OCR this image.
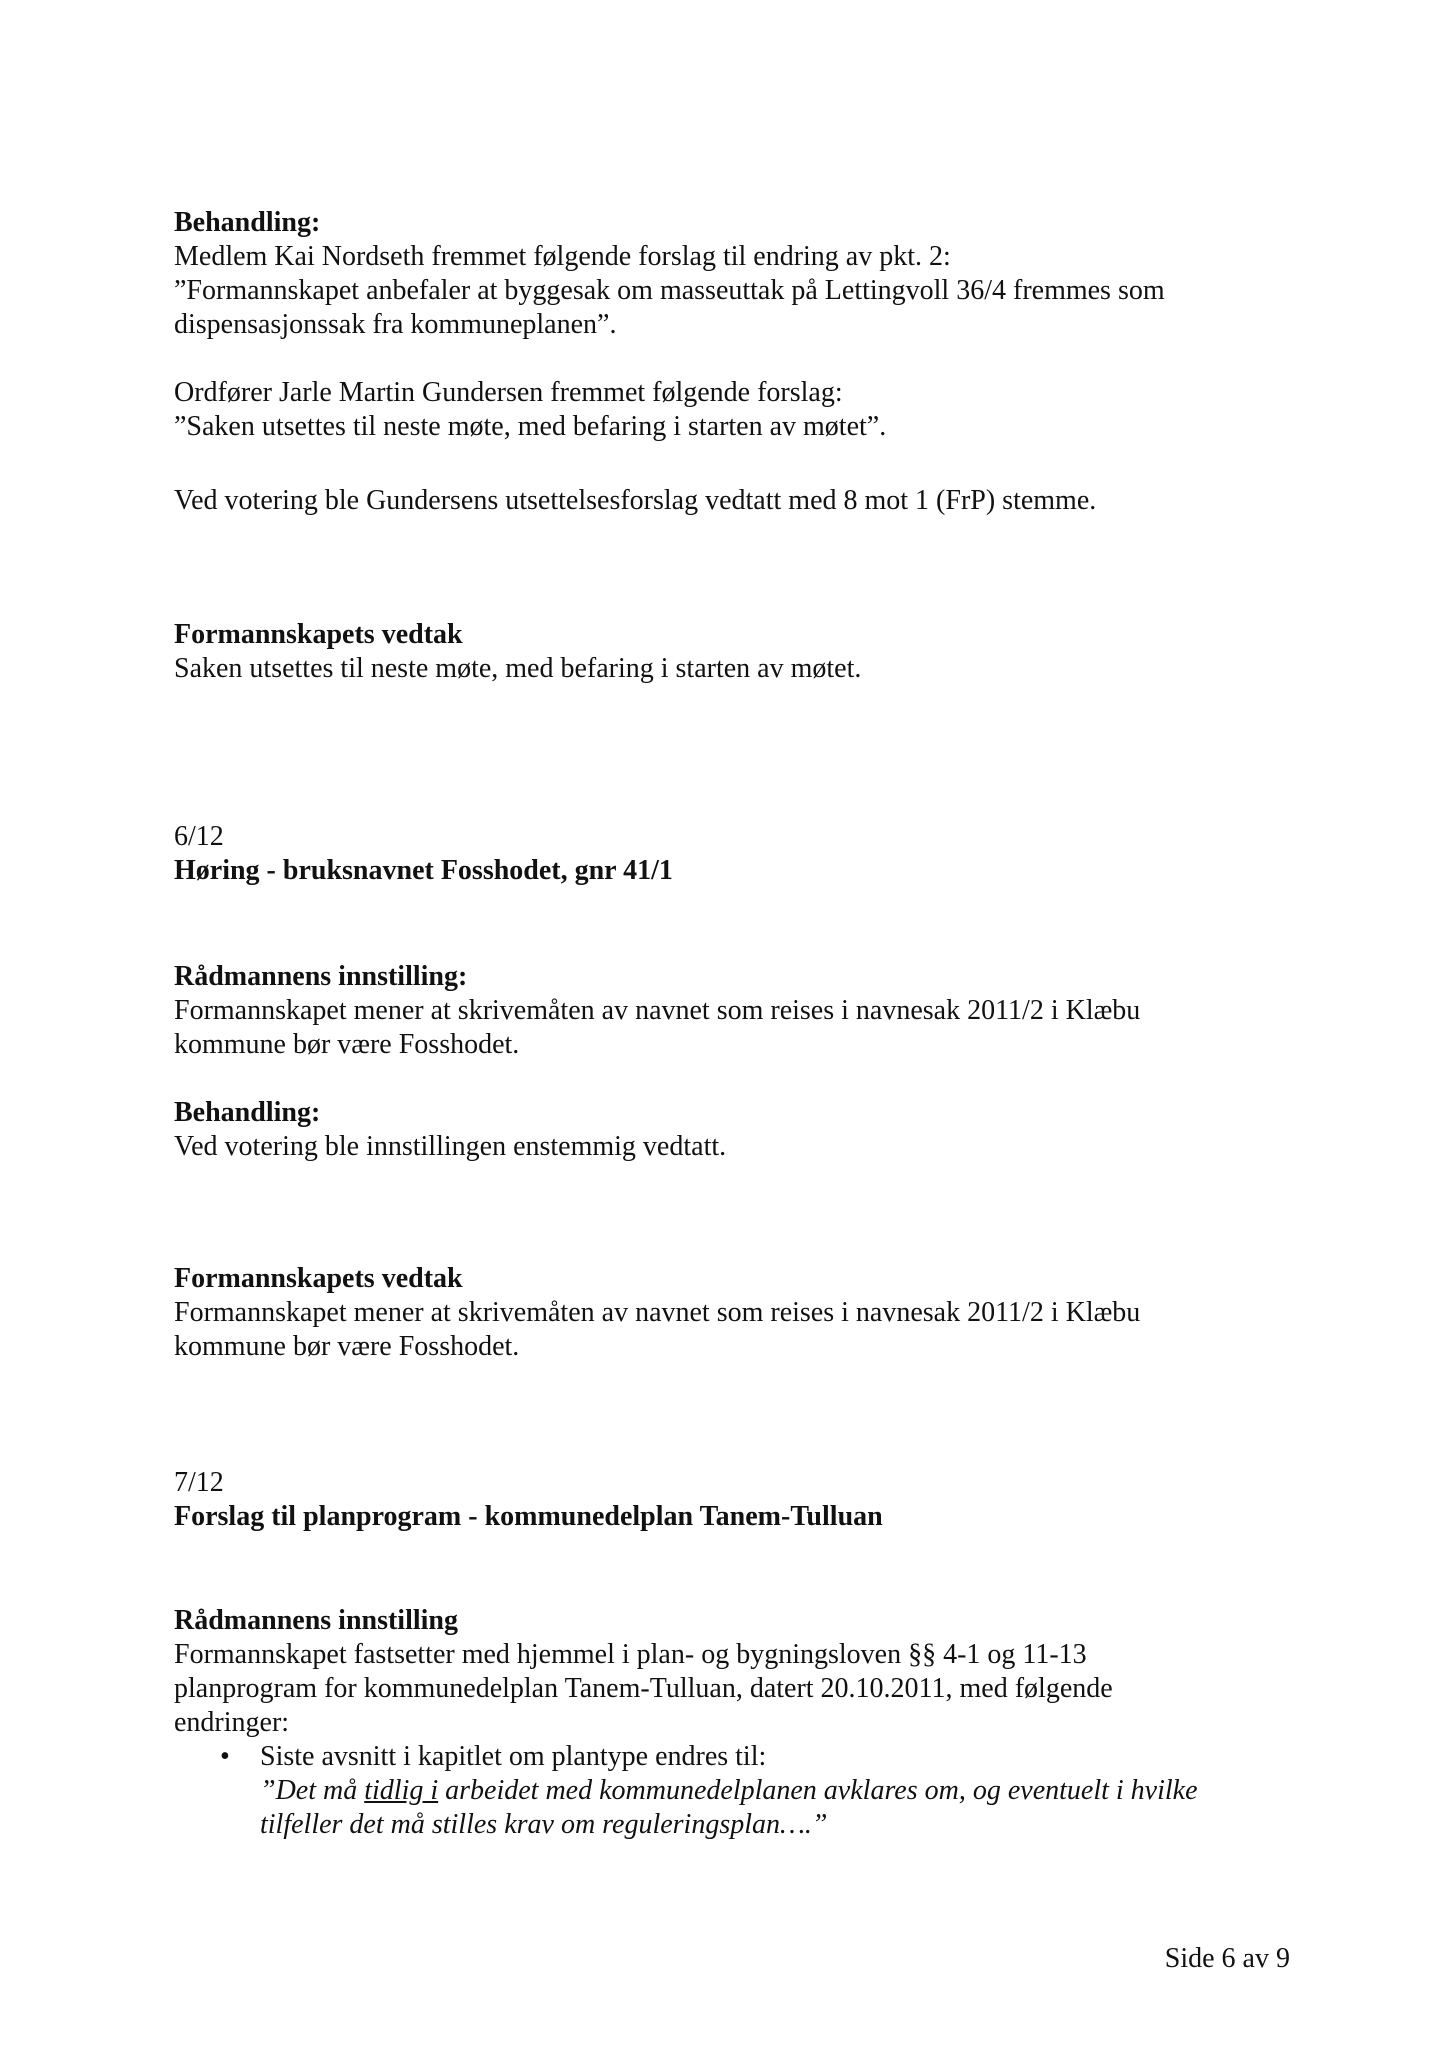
Behandling:
Medlem Kai Nordseth fremmet følgende forslag til endring av pkt. 2:
”Formannskapet anbefaler at byggesak om masseuttak på Lettingvoll 36/4 fremmes som
dispensasjonssak fra kommuneplanen”.
Ordfører Jarle Martin Gundersen fremmet følgende forslag:
”Saken utsettes til neste møte, med befaring i starten av møtet”.
Ved votering ble Gundersens utsettelsesforslag vedtatt med 8 mot 1 (FrP) stemme.
Formannskapets vedtak
Saken utsettes til neste møte, med befaring i starten av møtet.
6/12
Høring - bruksnavnet Fosshodet, gnr 41/1
Rådmannens innstilling:
Formannskapet mener at skrivemåten av navnet som reises i navnesak 2011/2 i Klæbu
kommune bør være Fosshodet.
Behandling:
Ved votering ble innstillingen enstemmig vedtatt.
Formannskapets vedtak
Formannskapet mener at skrivemåten av navnet som reises i navnesak 2011/2 i Klæbu
kommune bør være Fosshodet.
7/12
Forslag til planprogram - kommunedelplan Tanem-Tulluan
Rådmannens innstilling
Formannskapet fastsetter med hjemmel i plan- og bygningsloven §§ 4-1 og 11-13
planprogram for kommunedelplan Tanem-Tulluan, datert 20.10.2011, med følgende
endringer:
• Siste avsnitt i kapitlet om plantype endres til:
”Det må tidlig i arbeidet med kommunedelplanen avklares om, og eventuelt i hvilke
tilfeller det må stilles krav om reguleringsplan….”
Side 6 av 9
